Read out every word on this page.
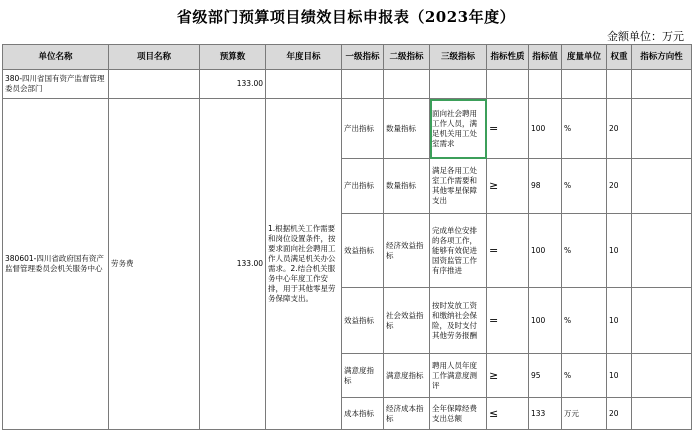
省级部门预算项目绩效目标申报表（2023年度）
金额单位：万元
单位名称	项目名称	预算数	年度目标	一级指标	二级指标	三级指标	指标性质	指标值	度量单位	权重	指标方向性
380-四川省国有资产监督管理委员会部门		133.00									
380601-四川省政府国有资产监督管理委员会机关服务中心	劳务费	133.00	1.根据机关工作需要和岗位设置条件，按要求面向社会聘用工作人员满足机关办公需求。2.结合机关服务中心年度工作安排，用于其他零星劳务保障支出。	产出指标	数量指标	面向社会聘用工作人员，满足机关用工处室需求	=	100	%	20	
				产出指标	数量指标	满足各用工处室工作需要和其他零星保障支出	≥	98	%	20	
				效益指标	经济效益指标	完成单位安排的各项工作，能够有效促进国资监管工作有序推进	=	100	%	10	
				效益指标	社会效益指标	按时发放工资和缴纳社会保险，及时支付其他劳务报酬	=	100	%	10	
				满意度指标	满意度指标	聘用人员年度工作满意度测评	≥	95	%	10	
				成本指标	经济成本指标	全年保障经费支出总额	≤	133	万元	20	
